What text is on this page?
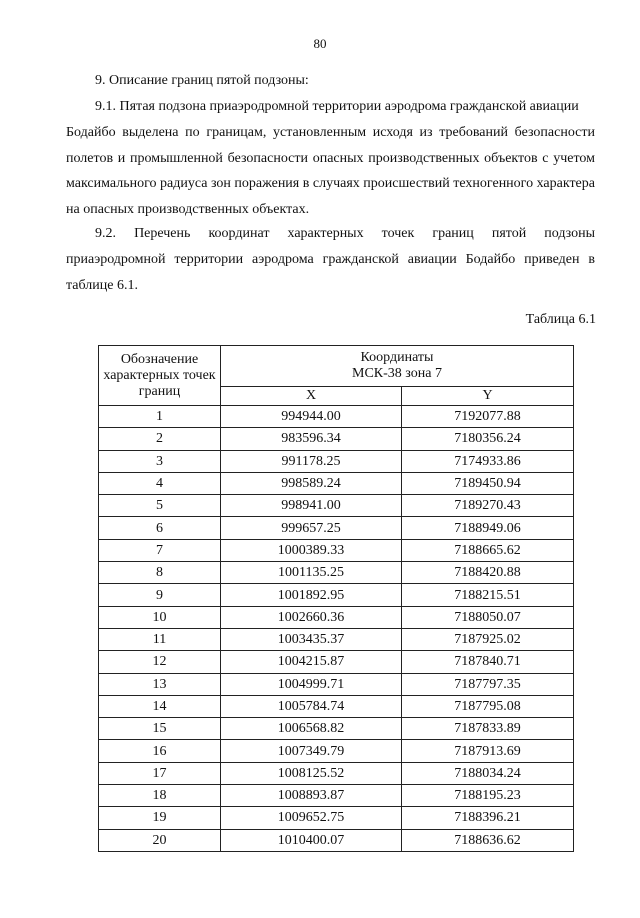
80
9. Описание границ пятой подзоны:
9.1. Пятая подзона приаэродромной территории аэродрома гражданской авиации
Бодайбо выделена по границам, установленным исходя из требований безопасности полетов и промышленной безопасности опасных производственных объектов с учетом максимального радиуса зон поражения в случаях происшествий техногенного характера на опасных производственных объектах.
9.2. Перечень координат характерных точек границ пятой подзоны приаэродромной территории аэродрома гражданской авиации Бодайбо приведен в таблице 6.1.
Таблица 6.1
Обозначение характерных точек границ	Координаты
МСК-38 зона 7	
	X	Y
1	994944.00	7192077.88
2	983596.34	7180356.24
3	991178.25	7174933.86
4	998589.24	7189450.94
5	998941.00	7189270.43
6	999657.25	7188949.06
7	1000389.33	7188665.62
8	1001135.25	7188420.88
9	1001892.95	7188215.51
10	1002660.36	7188050.07
11	1003435.37	7187925.02
12	1004215.87	7187840.71
13	1004999.71	7187797.35
14	1005784.74	7187795.08
15	1006568.82	7187833.89
16	1007349.79	7187913.69
17	1008125.52	7188034.24
18	1008893.87	7188195.23
19	1009652.75	7188396.21
20	1010400.07	7188636.62
